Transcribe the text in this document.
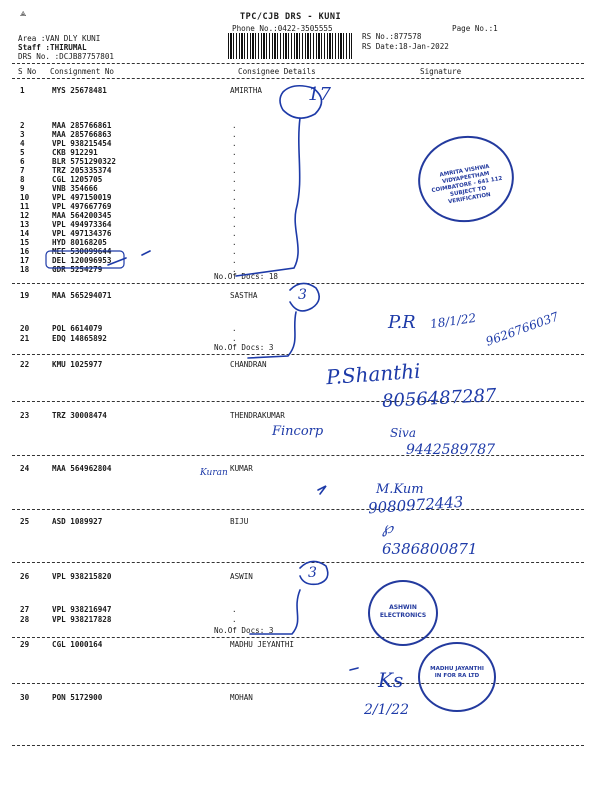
⟁	TPC/CJB DRS - KUNI
Phone No.:0422-3505555	Page No.:1
Area :VAN DLY KUNI
Staff :THIRUMAL
DRS No. :DCJB87757801
RS No.:877578
RS Date:18-Jan-2022
S No Consignment No	Consignee Details	Signature
1	MYS 25678481	AMIRTHA
2	MAA 285766861	.
3	MAA 285766863	.
4	VPL 938215454	.
5	CKB 912291	.
6	BLR 5751290322	.
7	TRZ 205335374	.
8	CGL 1205705	.
9	VNB 354666	.
10	VPL 497150019	.
11	VPL 497667769	.
12	MAA 564200345	.
13	VPL 494973364	.
14	VPL 497134376	.
15	HYD 80168205	.
16	MEE 530099644	.
17	DEL 120096953	.
18	GDR 5254279	.
No.Of Docs: 18
19	MAA 565294071	SASTHA
20	POL 6614079	.
21	EDQ 14865892	.
No.Of Docs: 3
22	KMU 1025977	CHANDRAN
23	TRZ 30008474	THENDRAKUMAR
24	MAA 564962804	KUMAR
25	ASD 1089927	BIJU
26	VPL 938215820	ASWIN
27	VPL 938216947	.
28	VPL 938217828	.
No.Of Docs: 3
29	CGL 1000164	MADHU JEYANTHI
30	PON 5172900	MOHAN
17
3
3
P.R 18/1/22 9626766037
P.Shanthi
8056487287
Fincorp	Siva
9442589787
Kuran
M.Kum
9080972443
℘
6386800871
Ks
2/1/22
AMRITA VISHWA VIDYAPEETHAM COIMBATORE - 641 112 SUBJECT TO VERIFICATION
ASHWIN ELECTRONICS
MADHU JAYANTHI IN FOR RA LTD
